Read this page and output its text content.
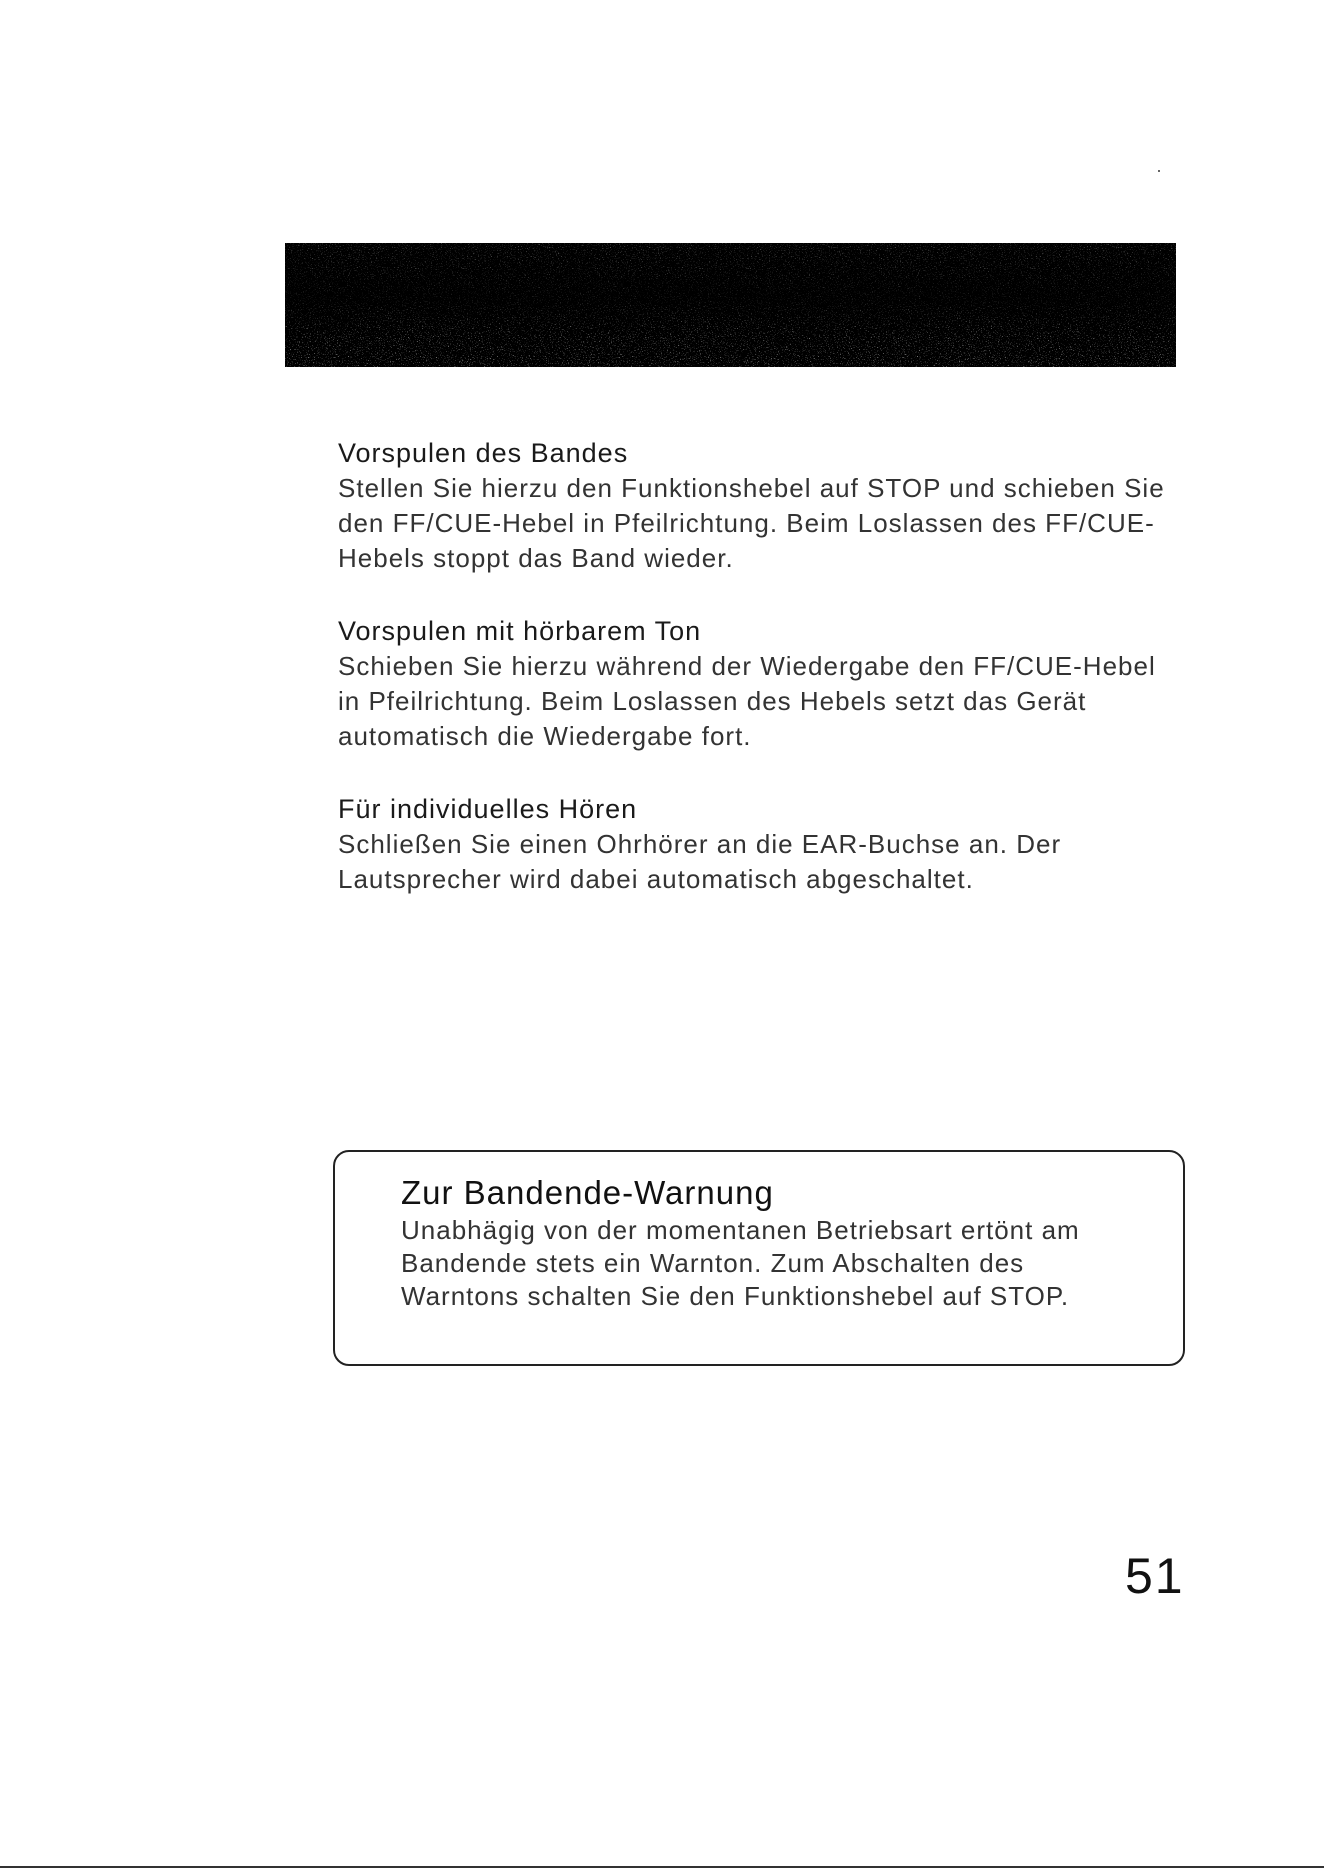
Vorspulen des Bandes

Stellen Sie hierzu den Funktionshebel auf STOP und schieben Sie den FF/CUE-Hebel in Pfeilrichtung. Beim Loslassen des FF/CUE-Hebels stoppt das Band wieder.

Vorspulen mit hörbarem Ton

Schieben Sie hierzu während der Wiedergabe den FF/CUE-Hebel in Pfeilrichtung. Beim Loslassen des Hebels setzt das Gerät automatisch die Wiedergabe fort.

Für individuelles Hören

Schließen Sie einen Ohrhörer an die EAR-Buchse an. Der Lautsprecher wird dabei automatisch abgeschaltet.

Zur Bandende-Warnung

Unabhägig von der momentanen Betriebsart ertönt am Bandende stets ein Warnton. Zum Abschalten des Warntons schalten Sie den Funktionshebel auf STOP.

51
